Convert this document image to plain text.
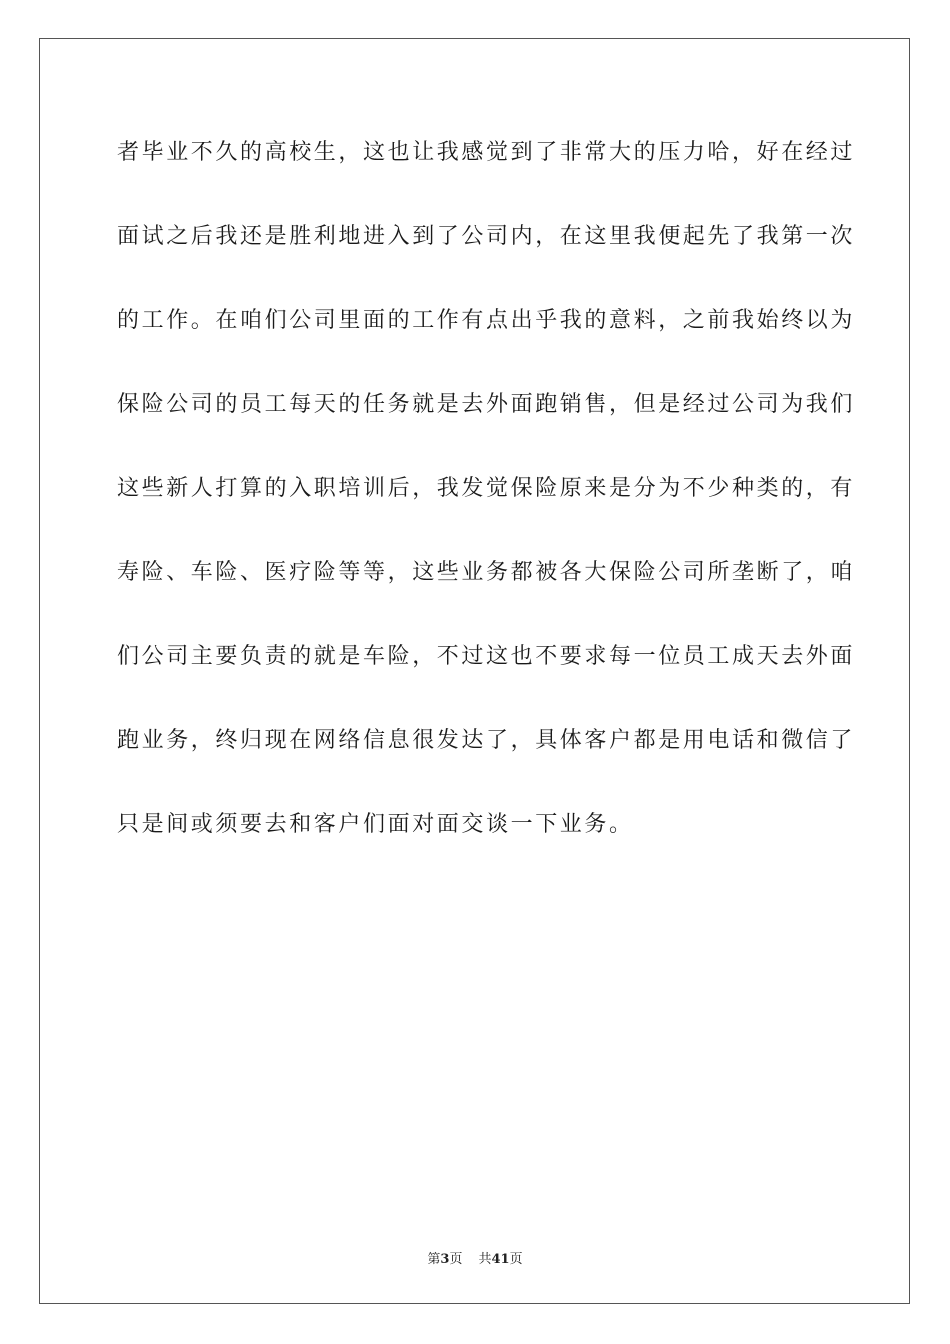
者毕业不久的高校生，这也让我感觉到了非常大的压力哈，好在经过

面试之后我还是胜利地进入到了公司内，在这里我便起先了我第一次

的工作。在咱们公司里面的工作有点出乎我的意料，之前我始终以为

保险公司的员工每天的任务就是去外面跑销售，但是经过公司为我们

这些新人打算的入职培训后，我发觉保险原来是分为不少种类的，有

寿险、车险、医疗险等等，这些业务都被各大保险公司所垄断了，咱

们公司主要负责的就是车险，不过这也不要求每一位员工成天去外面

跑业务，终归现在网络信息很发达了，具体客户都是用电话和微信了

只是间或须要去和客户们面对面交谈一下业务。

第3页 共41页
